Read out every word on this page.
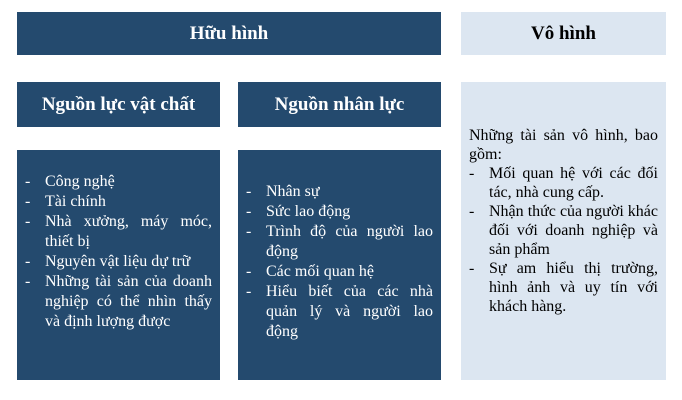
Hữu hình	Vô hình
Nguồn lực vật chất	Nguồn nhân lực
- Công nghệ
- Tài chính
- Nhà xưởng, máy móc, thiết bị
- Nguyên vật liệu dự trữ
- Những tài sản của doanh nghiệp có thể nhìn thấy và định lượng được
- Nhân sự
- Sức lao động
- Trình độ của người lao động
- Các mối quan hệ
- Hiểu biết của các nhà quản lý và người lao động

Những tài sản vô hình, bao gồm:

- Mối quan hệ với các đối tác, nhà cung cấp.
- Nhận thức của người khác đối với doanh nghiệp và sản phẩm
- Sự am hiểu thị trường, hình ảnh và uy tín với khách hàng.
